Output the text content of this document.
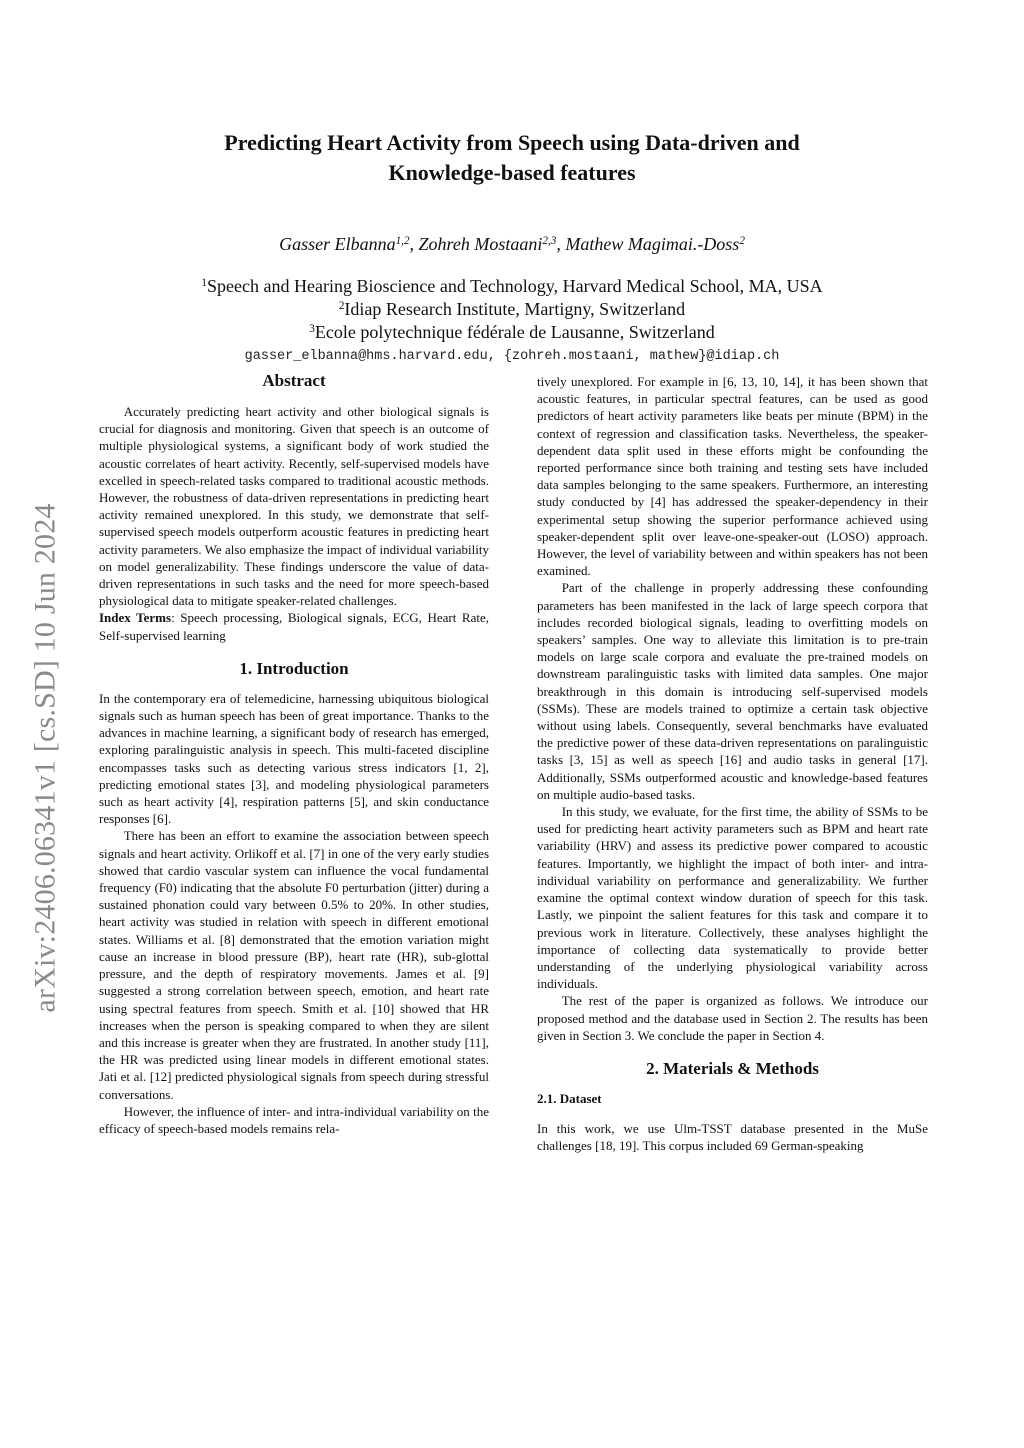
arXiv:2406.06341v1 [cs.SD] 10 Jun 2024
Predicting Heart Activity from Speech using Data-driven and
Knowledge-based features
Gasser Elbanna$^{1,2}$, Zohreh Mostaani$^{2,3}$, Mathew Magimai.-Doss$^2$
$^1$Speech and Hearing Bioscience and Technology, Harvard Medical School, MA, USA
$^2$Idiap Research Institute, Martigny, Switzerland
$^3$Ecole polytechnique fédérale de Lausanne, Switzerland
gasser_elbanna@hms.harvard.edu, {zohreh.mostaani, mathew}@idiap.ch
Abstract

Accurately predicting heart activity and other biological signals is crucial for diagnosis and monitoring. Given that speech is an outcome of multiple physiological systems, a significant body of work studied the acoustic correlates of heart activity. Recently, self-supervised models have excelled in speech-related tasks compared to traditional acoustic methods. However, the robustness of data-driven representations in predicting heart activity remained unexplored. In this study, we demonstrate that self-supervised speech models outperform acoustic features in predicting heart activity parameters. We also emphasize the impact of individual variability on model generalizability. These findings underscore the value of data-driven representations in such tasks and the need for more speech-based physiological data to mitigate speaker-related challenges.

Index Terms: Speech processing, Biological signals, ECG, Heart Rate, Self-supervised learning

1. Introduction

In the contemporary era of telemedicine, harnessing ubiquitous biological signals such as human speech has been of great importance. Thanks to the advances in machine learning, a significant body of research has emerged, exploring paralinguistic analysis in speech. This multi-faceted discipline encompasses tasks such as detecting various stress indicators [1, 2], predicting emotional states [3], and modeling physiological parameters such as heart activity [4], respiration patterns [5], and skin conductance responses [6].

There has been an effort to examine the association between speech signals and heart activity. Orlikoff et al. [7] in one of the very early studies showed that cardio vascular system can influence the vocal fundamental frequency (F0) indicating that the absolute F0 perturbation (jitter) during a sustained phonation could vary between 0.5% to 20%. In other studies, heart activity was studied in relation with speech in different emotional states. Williams et al. [8] demonstrated that the emotion variation might cause an increase in blood pressure (BP), heart rate (HR), sub-glottal pressure, and the depth of respiratory movements. James et al. [9] suggested a strong correlation between speech, emotion, and heart rate using spectral features from speech. Smith et al. [10] showed that HR increases when the person is speaking compared to when they are silent and this increase is greater when they are frustrated. In another study [11], the HR was predicted using linear models in different emotional states. Jati et al. [12] predicted physiological signals from speech during stressful conversations.

However, the influence of inter- and intra-individual variability on the efficacy of speech-based models remains rela-

tively unexplored. For example in [6, 13, 10, 14], it has been shown that acoustic features, in particular spectral features, can be used as good predictors of heart activity parameters like beats per minute (BPM) in the context of regression and classification tasks. Nevertheless, the speaker-dependent data split used in these efforts might be confounding the reported performance since both training and testing sets have included data samples belonging to the same speakers. Furthermore, an interesting study conducted by [4] has addressed the speaker-dependency in their experimental setup showing the superior performance achieved using speaker-dependent split over leave-one-speaker-out (LOSO) approach. However, the level of variability between and within speakers has not been examined.

Part of the challenge in properly addressing these confounding parameters has been manifested in the lack of large speech corpora that includes recorded biological signals, leading to overfitting models on speakers’ samples. One way to alleviate this limitation is to pre-train models on large scale corpora and evaluate the pre-trained models on downstream paralinguistic tasks with limited data samples. One major breakthrough in this domain is introducing self-supervised models (SSMs). These are models trained to optimize a certain task objective without using labels. Consequently, several benchmarks have evaluated the predictive power of these data-driven representations on paralinguistic tasks [3, 15] as well as speech [16] and audio tasks in general [17]. Additionally, SSMs outperformed acoustic and knowledge-based features on multiple audio-based tasks.

In this study, we evaluate, for the first time, the ability of SSMs to be used for predicting heart activity parameters such as BPM and heart rate variability (HRV) and assess its predictive power compared to acoustic features. Importantly, we highlight the impact of both inter- and intra-individual variability on performance and generalizability. We further examine the optimal context window duration of speech for this task. Lastly, we pinpoint the salient features for this task and compare it to previous work in literature. Collectively, these analyses highlight the importance of collecting data systematically to provide better understanding of the underlying physiological variability across individuals.

The rest of the paper is organized as follows. We introduce our proposed method and the database used in Section 2. The results has been given in Section 3. We conclude the paper in Section 4.

2. Materials & Methods
2.1. Dataset

In this work, we use Ulm-TSST database presented in the MuSe challenges [18, 19]. This corpus included 69 German-speaking
